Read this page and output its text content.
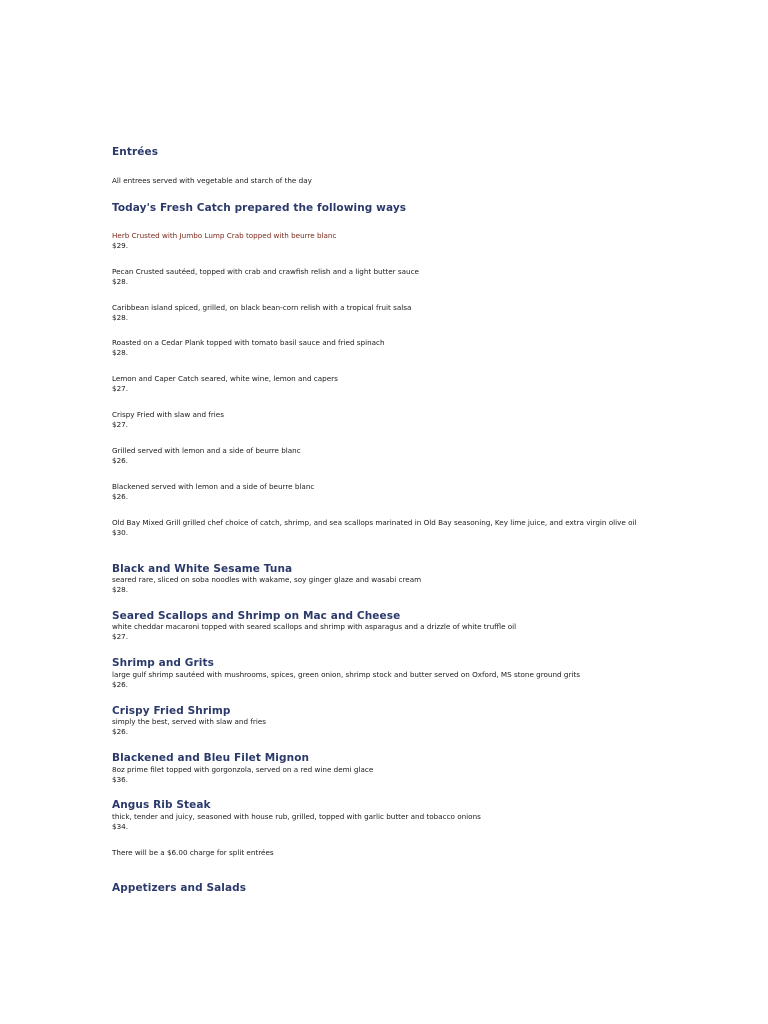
Entrées
All entrees served with vegetable and starch of the day
Today's Fresh Catch prepared the following ways
Herb Crusted with Jumbo Lump Crab topped with beurre blanc
$29.
Pecan Crusted sautéed, topped with crab and crawfish relish and a light butter sauce
$28.
Caribbean island spiced, grilled, on black bean-corn relish with a tropical fruit salsa
$28.
Roasted on a Cedar Plank topped with tomato basil sauce and fried spinach
$28.
Lemon and Caper Catch seared, white wine, lemon and capers
$27.
Crispy Fried with slaw and fries
$27.
Grilled served with lemon and a side of beurre blanc
$26.
Blackened served with lemon and a side of beurre blanc
$26.
Old Bay Mixed Grill grilled chef choice of catch, shrimp, and sea scallops marinated in Old Bay seasoning, Key lime juice, and extra virgin olive oil
$30.
Black and White Sesame Tuna
seared rare, sliced on soba noodles with wakame, soy ginger glaze and wasabi cream
$28.
Seared Scallops and Shrimp on Mac and Cheese
white cheddar macaroni topped with seared scallops and shrimp with asparagus and a drizzle of white truffle oil
$27.
Shrimp and Grits
large gulf shrimp sautéed with mushrooms, spices, green onion, shrimp stock and butter served on Oxford, MS stone ground grits
$26.
Crispy Fried Shrimp
simply the best, served with slaw and fries
$26.
Blackened and Bleu Filet Mignon
8oz prime filet topped with gorgonzola, served on a red wine demi glace
$36.
Angus Rib Steak
thick, tender and juicy, seasoned with house rub, grilled, topped with garlic butter and tobacco onions
$34.
There will be a $6.00 charge for split entrées
Appetizers and Salads
